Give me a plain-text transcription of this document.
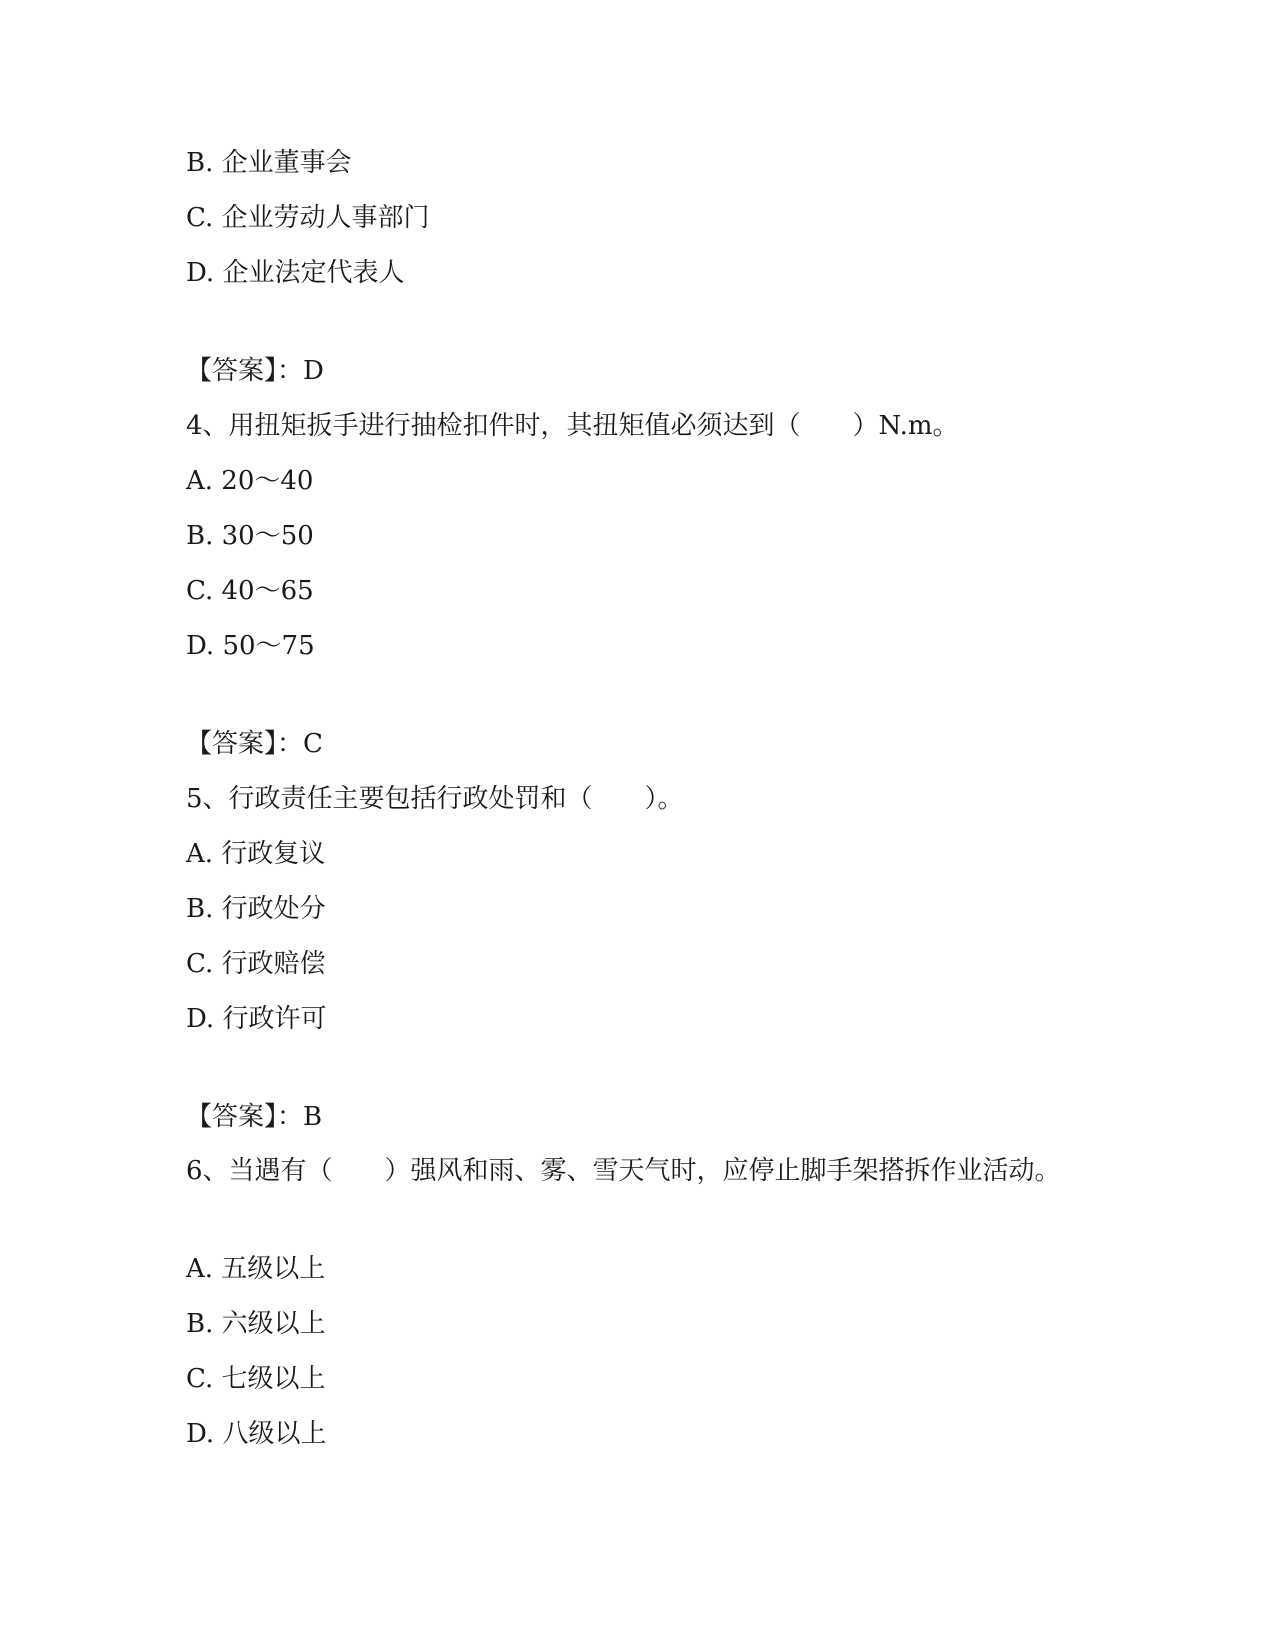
B. 企业董事会
C. 企业劳动人事部门
D. 企业法定代表人
【答案】：D
4、用扭矩扳手进行抽检扣件时，其扭矩值必须达到（　　）N.m。
A. 20～40
B. 30～50
C. 40～65
D. 50～75
【答案】：C
5、行政责任主要包括行政处罚和（　　）。
A. 行政复议
B. 行政处分
C. 行政赔偿
D. 行政许可
【答案】：B
6、当遇有（　　）强风和雨、雾、雪天气时，应停止脚手架搭拆作业活动。
A. 五级以上
B. 六级以上
C. 七级以上
D. 八级以上
